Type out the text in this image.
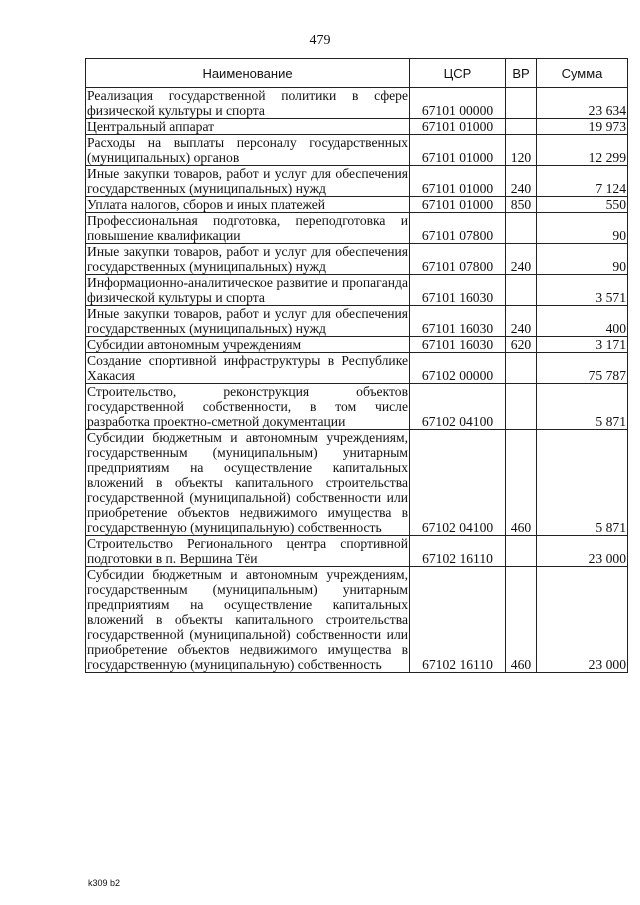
479
Наименование	ЦСР	ВР	Сумма
Реализация государственной политики в сфере физической культуры и спорта	67101 00000		23 634
Центральный аппарат	67101 01000		19 973
Расходы на выплаты персоналу государственных (муниципальных) органов	67101 01000	120	12 299
Иные закупки товаров, работ и услуг для обеспечения государственных (муниципальных) нужд	67101 01000	240	7 124
Уплата налогов, сборов и иных платежей	67101 01000	850	550
Профессиональная подготовка, переподготовка и повышение квалификации	67101 07800		90
Иные закупки товаров, работ и услуг для обеспечения государственных (муниципальных) нужд	67101 07800	240	90
Информационно-аналитическое развитие и пропаганда физической культуры и спорта	67101 16030		3 571
Иные закупки товаров, работ и услуг для обеспечения государственных (муниципальных) нужд	67101 16030	240	400
Субсидии автономным учреждениям	67101 16030	620	3 171
Создание спортивной инфраструктуры в Республике Хакасия	67102 00000		75 787
Строительство, реконструкция объектов государственной собственности, в том числе разработка проектно-сметной документации	67102 04100		5 871
Субсидии бюджетным и автономным учреждениям, государственным (муниципальным) унитарным предприятиям на осуществление капитальных вложений в объекты капитального строительства государственной (муниципальной) собственности или приобретение объектов недвижимого имущества в государственную (муниципальную) собственность	67102 04100	460	5 871
Строительство Регионального центра спортивной подготовки в п. Вершина Тёи	67102 16110		23 000
Субсидии бюджетным и автономным учреждениям, государственным (муниципальным) унитарным предприятиям на осуществление капитальных вложений в объекты капитального строительства государственной (муниципальной) собственности или приобретение объектов недвижимого имущества в государственную (муниципальную) собственность	67102 16110	460	23 000
k309 b2
